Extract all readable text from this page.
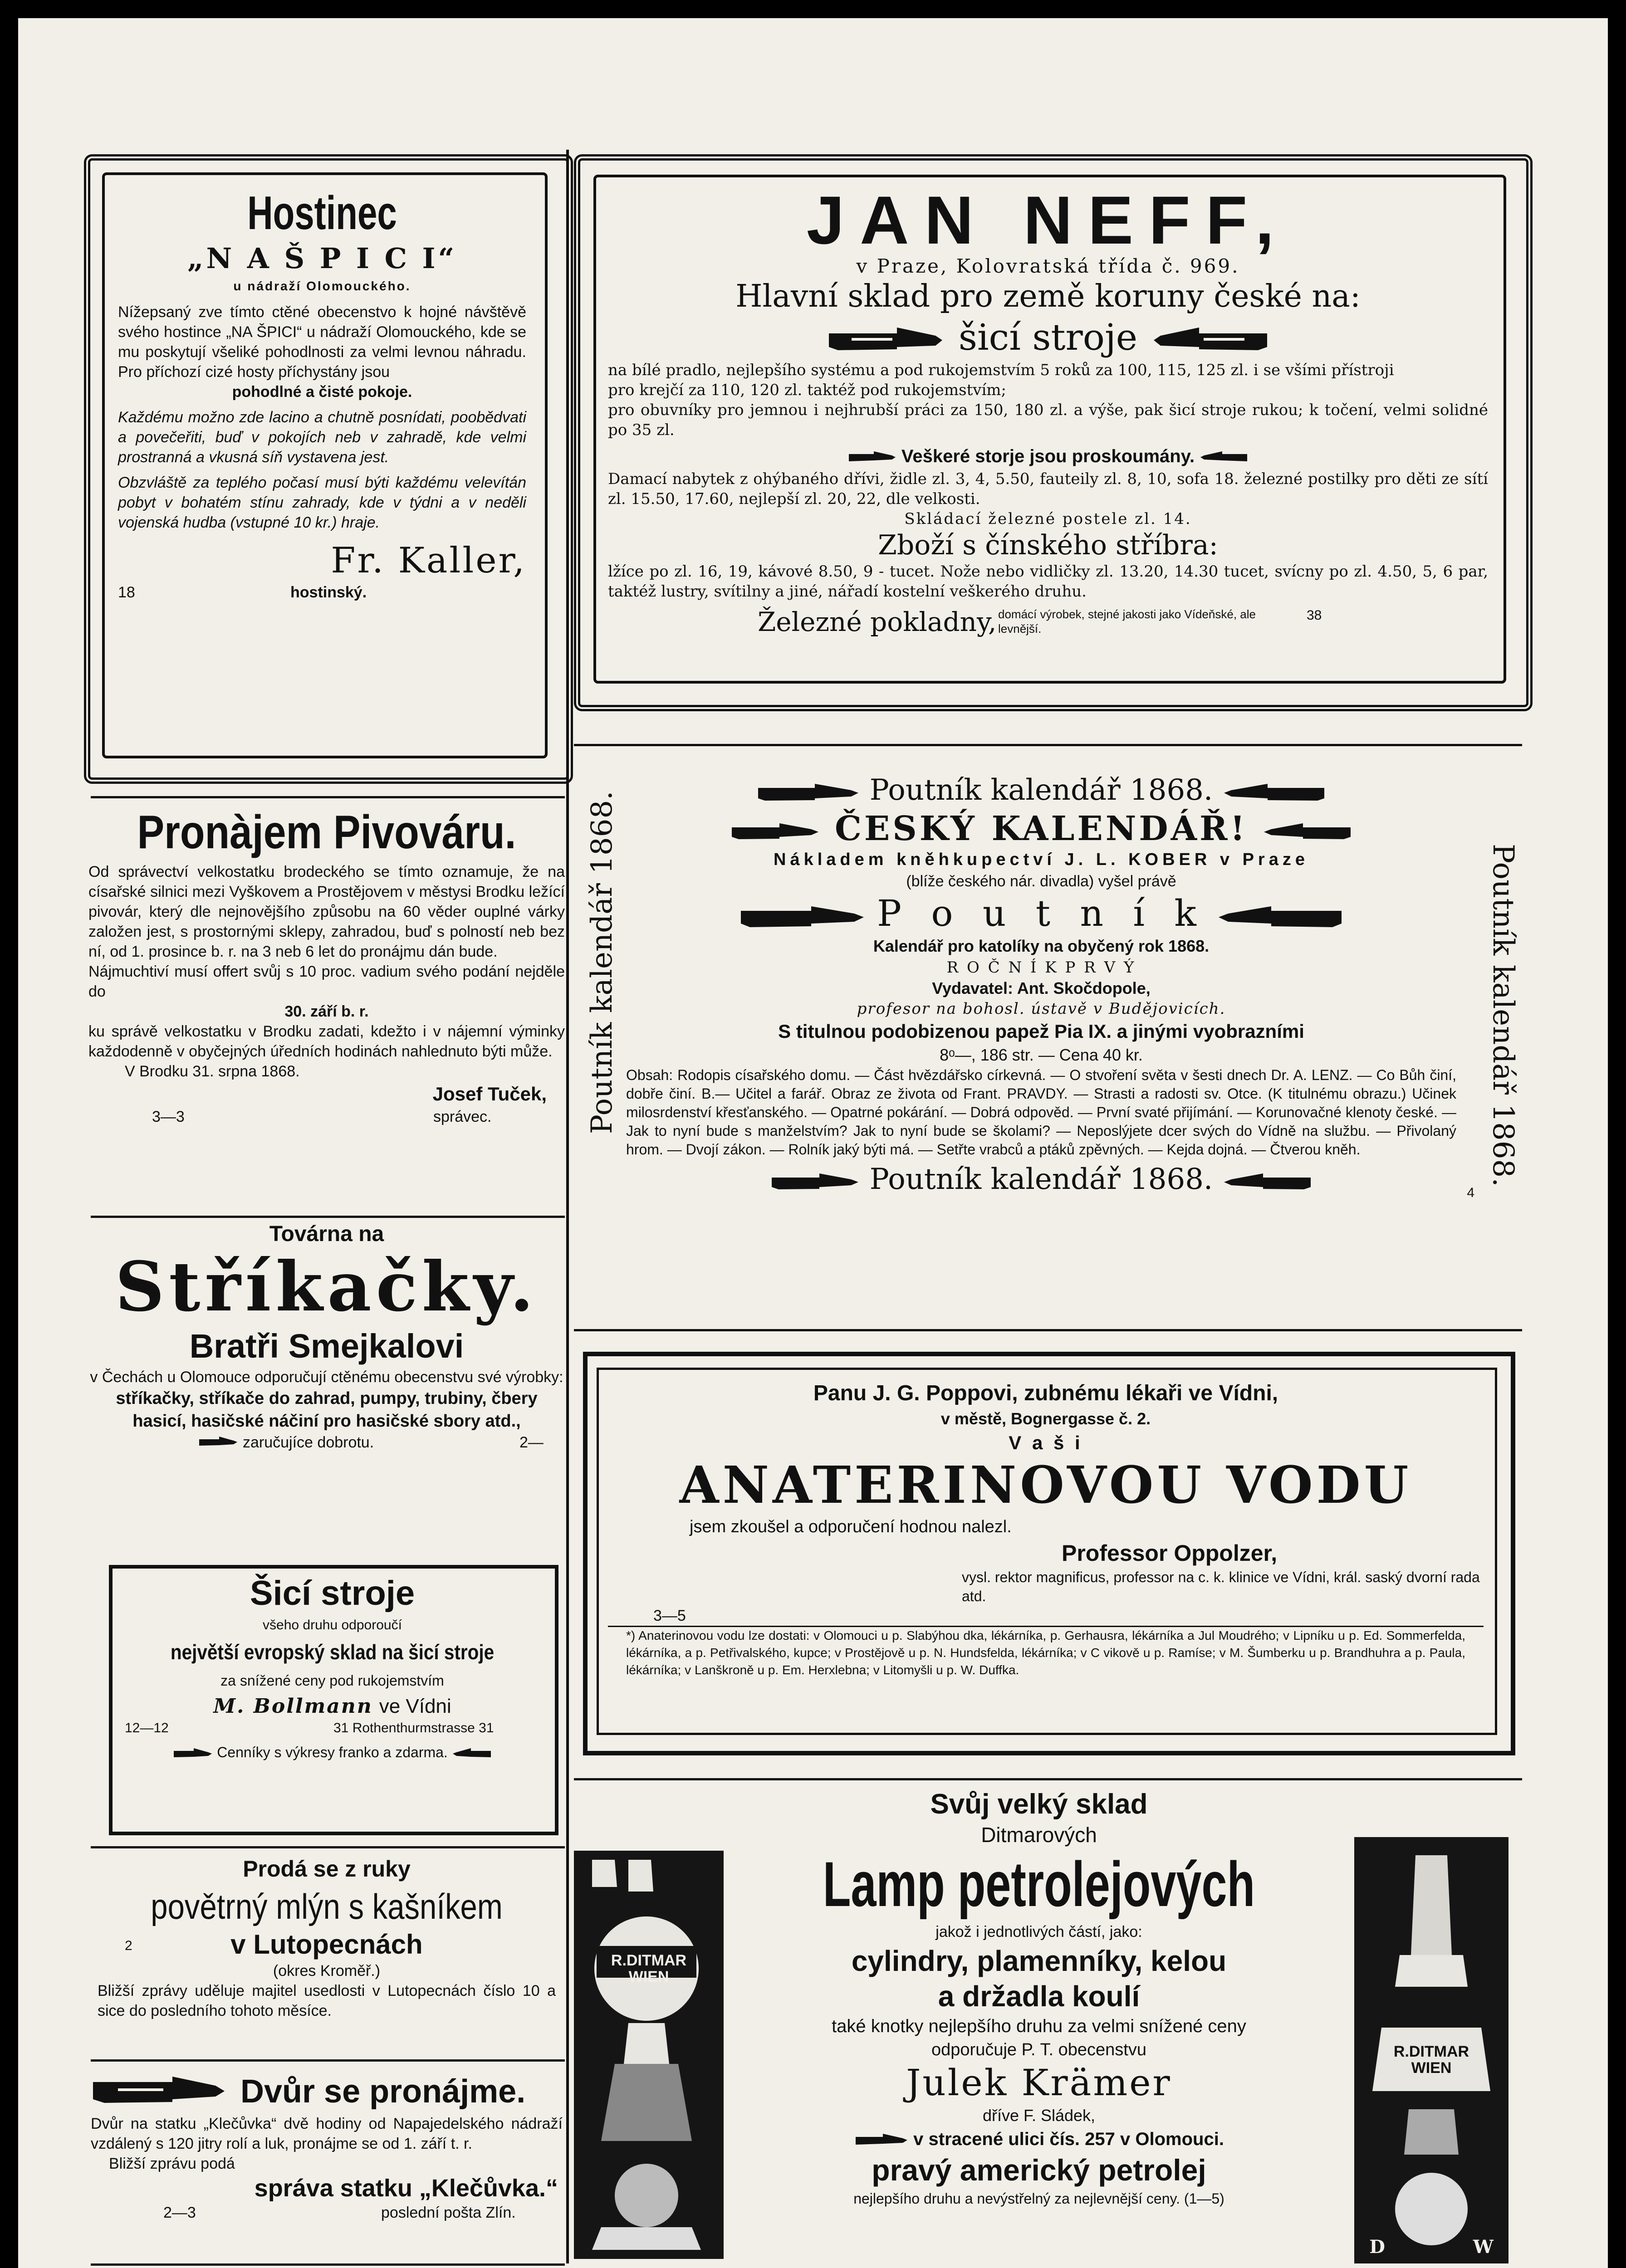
Hostinec
„N A Š P I C I“
u nádraží Olomouckého.
Nížepsaný zve tímto ctěné obecenstvo k hojné návštěvě svého hostince „NA ŠPICI“ u nádraží Olomouckého, kde se mu poskytují všeliké pohodlnosti za velmi levnou náhradu. Pro příchozí cizé hosty příchystány jsou
pohodlné a čisté pokoje.
Každému možno zde lacino a chutně posnídati, poobědvati a povečeřiti, buď v pokojích neb v zahradě, kde velmi prostranná a vkusná síň vystavena jest.
Obzvláště za teplého počasí musí býti každému velevítán pobyt v bohatém stínu zahrady, kde v týdni a v neděli vojenská hudba (vstupné 10 kr.) hraje.
Fr. Kaller,
18	hostinský.
JAN NEFF,
v Praze, Kolovratská třída č. 969.
Hlavní sklad pro země koruny české na:
šicí stroje
na bílé pradlo, nejlepšího systému a pod rukojemstvím 5 roků za 100, 115, 125 zl. i se všími přístroji
pro krejčí za 110, 120 zl. taktéž pod rukojemstvím;
pro obuvníky pro jemnou i nejhrubší práci za 150, 180 zl. a výše, pak šicí stroje rukou; k točení, velmi solidné po 35 zl.
Veškeré storje jsou proskoumány.
Damací nabytek z ohýbaného dřívi, židle zl. 3, 4, 5.50, fauteily zl. 8, 10, sofa 18. železné postilky pro děti ze sítí zl. 15.50, 17.60, nejlepší zl. 20, 22, dle velkosti.
Skládací železné postele zl. 14.
Zboží s čínského stříbra:
lžíce po zl. 16, 19, kávové 8.50, 9 - tucet. Nože nebo vidličky zl. 13.20, 14.30 tucet, svícny po zl. 4.50, 5, 6 par, taktéž lustry, svítilny a jiné, nářadí kostelní veškerého druhu.
Železné pokladny, domácí výrobek, stejné jakosti jako Vídeňské, ale levnější.
38
Pronàjem Pivováru.
Od správectví velkostatku brodeckého se tímto oznamuje, že na císařské silnici mezi Vyškovem a Prostějovem v městysi Brodku ležící pivovár, který dle nejnovějšího způsobu na 60 věder ouplné várky založen jest, s prostornými sklepy, zahradou, buď s polností neb bez ní, od 1. prosince b. r. na 3 neb 6 let do pronájmu dán bude.
Nájmuchtiví musí offert svůj s 10 proc. vadium svého podání nejděle do
30. září b. r.
ku správě velkostatku v Brodku zadati, kdežto i v nájemní výminky každodenně v obyčejných úředních hodinách nahlednuto býti může.
V Brodku 31. srpna 1868.
Josef Tuček,
3—3	správec.
Továrna na
Stříkačky.
Bratři Smejkalovi
v Čechách u Olomouce odporučují ctěnému obecenstvu své výrobky:
stříkačky, stříkače do zahrad, pumpy, trubiny, čbery hasicí, hasičské náčiní pro hasičské sbory atd.,
zaručujíce dobrotu.	2—
Šicí stroje
všeho druhu odporoučí
největší evropský sklad na šicí stroje
za snížené ceny pod rukojemstvím
M. Bollmann ve Vídni
12—12	31 Rothenthurmstrasse 31
Cenníky s výkresy franko a zdarma.
Prodá se z ruky
povětrný mlýn s kašníkem
2	v Lutopecnách
(okres Kroměř.)
Bližší zprávy uděluje majitel usedlosti v Lutopecnách číslo 10 a sice do posledního tohoto měsíce.
Dvůr se pronájme.
Dvůr na statku „Klečůvka“ dvě hodiny od Napajedelského nádraží vzdálený s 120 jitry rolí a luk, pronájme se od 1. září t. r.
Bližší zprávu podá
správa statku „Klečůvka.“
2—3	poslední pošta Zlín.
Poutník kalendář 1868.	Poutník kalendář 1868.
Poutník kalendář 1868.
ČESKÝ KALENDÁŘ!
Nákladem kněhkupectví J. L. KOBER v Praze
(blíže českého nár. divadla) vyšel právě
P o u t n í k
Kalendář pro katolíky na obyčený rok 1868.
R O Č N Í K P R V Ý
Vydavatel: Ant. Skočdopole,
profesor na bohosl. ústavě v Budějovicích.
S titulnou podobizenou papež Pia IX. a jinými vyobrazními
8ᵒ—, 186 str. — Cena 40 kr.
Obsah: Rodopis císařského domu. — Část hvězdářsko církevná. — O stvoření světa v šesti dnech Dr. A. LENZ. — Co Bůh činí, dobře činí. B.— Učitel a farář. Obraz ze života od Frant. PRAVDY. — Strasti a radosti sv. Otce. (K titulnému obrazu.) Učinek milosrdenství křesťanského. — Opatrné pokárání. — Dobrá odpověd. — První svaté přijímání. — Korunovačné klenoty české. — Jak to nyní bude s manželstvím? Jak to nyní bude se školami? — Neposlýjete dcer svých do Vídně na službu. — Přivolaný hrom. — Dvojí zákon. — Rolník jaký býti má. — Setřte vrabců a ptáků zpěvných. — Kejda dojná. — Čtverou kněh.
Poutník kalendář 1868.	4
Panu J. G. Poppovi, zubnému lékaři ve Vídni,
v městě, Bognergasse č. 2.
V a š i
ANATERINOVOU VODU
jsem zkoušel a odporučení hodnou nalezl.
Professor Oppolzer,
vysl. rektor magnificus, professor na c. k. klinice ve Vídni, král. saský dvorní rada atd.
3—5
*) Anaterinovou vodu lze dostati: v Olomouci u p. Slabýhou dka, lékárníka, p. Gerhausra, lékárníka a Jul Moudrého; v Lipníku u p. Ed. Sommerfelda, lékárníka, a p. Petřivalského, kupce; v Prostějově u p. N. Hundsfelda, lékárníka; v C vikově u p. Ramíse; v M. Šumberku u p. Brandhuhra a p. Paula, lékárníka; v Lanškroně u p. Em. Herxlebna; v Litomyšli u p. W. Duffka.
R.DITMAR WIEN
R.DITMAR WIEN
D W
Svůj velký sklad
Ditmarových
Lamp petrolejových
jakož i jednotlivých částí, jako:
cylindry, plamenníky, kelou
a držadla koulí
také knotky nejlepšího druhu za velmi snížené ceny
odporučuje P. T. obecenstvu
Julek Krämer
dříve F. Sládek,
v stracené ulici čís. 257 v Olomouci.
pravý americký petrolej
nejlepšího druhu a nevýstřelný za nejlevnější ceny. (1—5)
